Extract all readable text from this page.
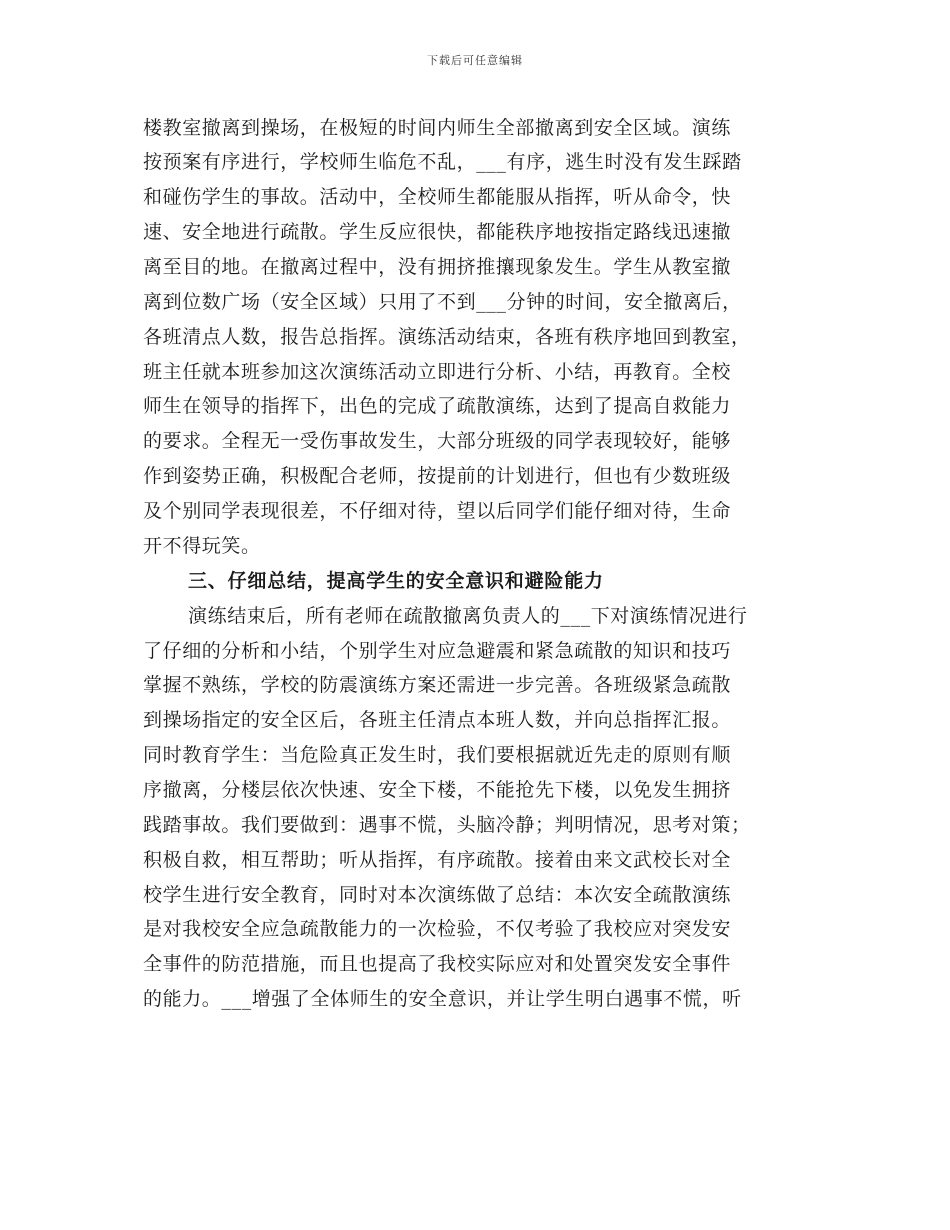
下载后可任意编辑
楼教室撤离到操场，在极短的时间内师生全部撤离到安全区域。演练
按预案有序进行，学校师生临危不乱，___有序，逃生时没有发生踩踏
和碰伤学生的事故。活动中，全校师生都能服从指挥，听从命令，快
速、安全地进行疏散。学生反应很快，都能秩序地按指定路线迅速撤
离至目的地。在撤离过程中，没有拥挤推攘现象发生。学生从教室撤
离到位数广场（安全区域）只用了不到___分钟的时间，安全撤离后，
各班清点人数，报告总指挥。演练活动结束，各班有秩序地回到教室，
班主任就本班参加这次演练活动立即进行分析、小结，再教育。全校
师生在领导的指挥下，出色的完成了疏散演练，达到了提高自救能力
的要求。全程无一受伤事故发生，大部分班级的同学表现较好，能够
作到姿势正确，积极配合老师，按提前的计划进行，但也有少数班级
及个别同学表现很差，不仔细对待，望以后同学们能仔细对待，生命
开不得玩笑。
三、仔细总结，提高学生的安全意识和避险能力
演练结束后，所有老师在疏散撤离负责人的___下对演练情况进行
了仔细的分析和小结，个别学生对应急避震和紧急疏散的知识和技巧
掌握不熟练，学校的防震演练方案还需进一步完善。各班级紧急疏散
到操场指定的安全区后，各班主任清点本班人数，并向总指挥汇报。
同时教育学生：当危险真正发生时，我们要根据就近先走的原则有顺
序撤离，分楼层依次快速、安全下楼，不能抢先下楼，以免发生拥挤
践踏事故。我们要做到：遇事不慌，头脑冷静；判明情况，思考对策；
积极自救，相互帮助；听从指挥，有序疏散。接着由来文武校长对全
校学生进行安全教育，同时对本次演练做了总结：本次安全疏散演练
是对我校安全应急疏散能力的一次检验，不仅考验了我校应对突发安
全事件的防范措施，而且也提高了我校实际应对和处置突发安全事件
的能力。___增强了全体师生的安全意识，并让学生明白遇事不慌，听
